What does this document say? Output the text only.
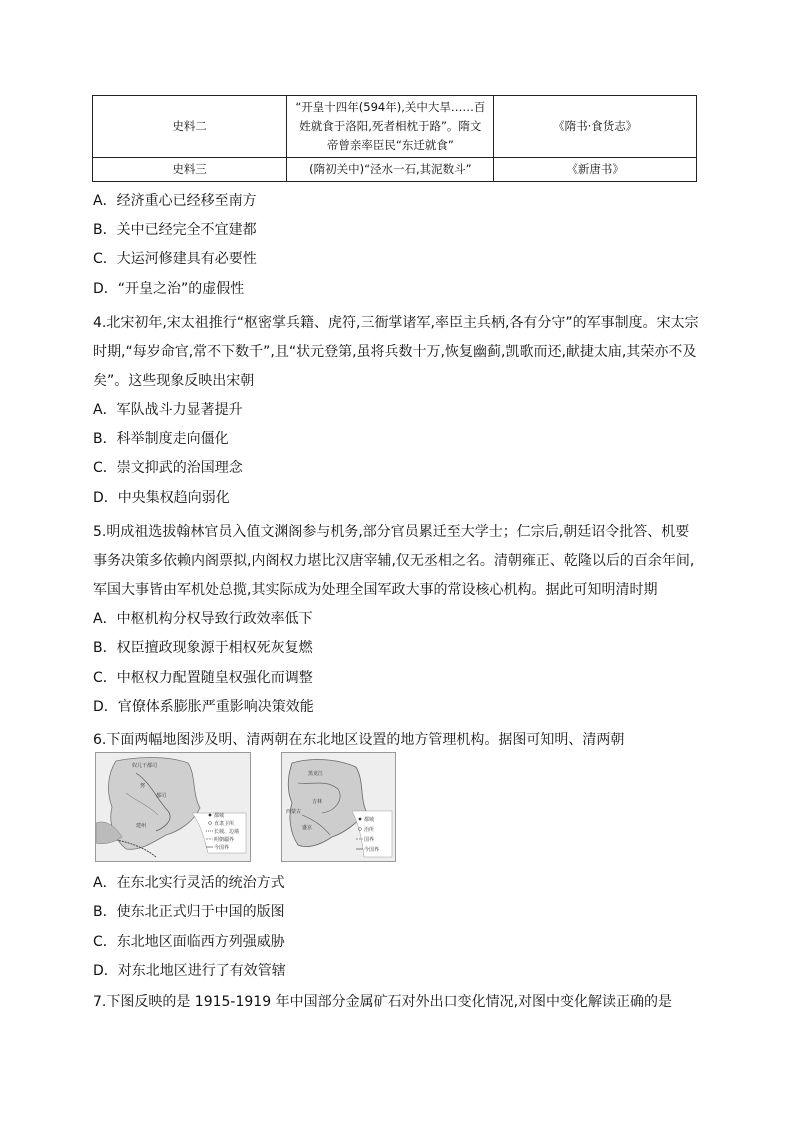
史料二	“开皇十四年(594年),关中大旱……百
姓就食于洛阳,死者相枕于路”。隋文
帝曾亲率臣民“东迁就食”	《隋书·食货志》
史料三	(隋初关中)“泾水一石,其泥数斗”	《新唐书》
A．经济重心已经移至南方
B．关中已经完全不宜建都
C．大运河修建具有必要性
D．“开皇之治”的虚假性
4.北宋初年,宋太祖推行“枢密掌兵籍、虎符,三衙掌诸军,率臣主兵柄,各有分守”的军事制度。宋太宗
时期,“每岁命官,常不下数千”,且“状元登第,虽将兵数十万,恢复幽蓟,凯歌而还,献捷太庙,其荣亦不及
矣”。这些现象反映出宋朝
A．军队战斗力显著提升
B．科举制度走向僵化
C．崇文抑武的治国理念
D．中央集权趋向弱化
5.明成祖选拔翰林官员入值文渊阁参与机务,部分官员累迁至大学士；仁宗后,朝廷诏令批答、机要
事务决策多依赖内阁票拟,内阁权力堪比汉唐宰辅,仅无丞相之名。清朝雍正、乾隆以后的百余年间,
军国大事皆由军机处总揽,其实际成为处理全国军政大事的常设核心机构。据此可知明清时期
A．中枢机构分权导致行政效率低下
B．权臣擅政现象源于相权死灰复燃
C．中枢权力配置随皇权强化而调整
D．官僚体系膨胀严重影响决策效能
6.下面两幅地图涉及明、清两朝在东北地区设置的地方管理机构。据图可知明、清两朝
奴儿干都司
努
都司
建州
都城
直隶卫所
长城、边墙
明朝疆界
今国界
黑龙江
吉林
盛京
西蒙古
都城
治所
国界
今国界
A．在东北实行灵活的统治方式
B．使东北正式归于中国的版图
C．东北地区面临西方列强威胁
D．对东北地区进行了有效管辖
7.下图反映的是 1915-1919 年中国部分金属矿石对外出口变化情况,对图中变化解读正确的是
